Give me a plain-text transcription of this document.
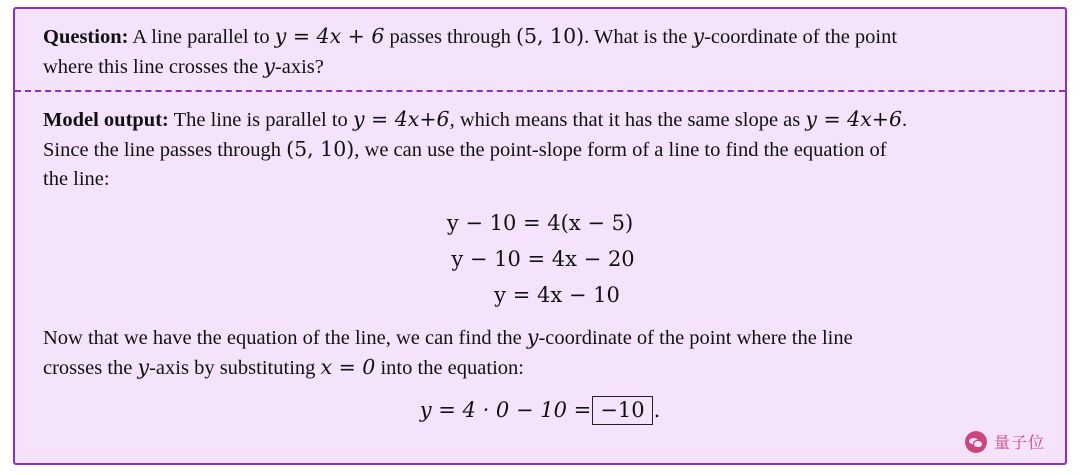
Question: A line parallel to y = 4x + 6 passes through (5, 10). What is the y-coordinate of the point
where this line crosses the y-axis?
Model output: The line is parallel to y = 4x+6, which means that it has the same slope as y = 4x+6.
Since the line passes through (5, 10), we can use the point-slope form of a line to find the equation of
the line:
y − 10 = 4(x − 5)
y − 10 = 4x − 20
y = 4x − 10
Now that we have the equation of the line, we can find the y-coordinate of the point where the line
crosses the y-axis by substituting x = 0 into the equation:
y = 4 · 0 − 10 = −10 .
量子位
